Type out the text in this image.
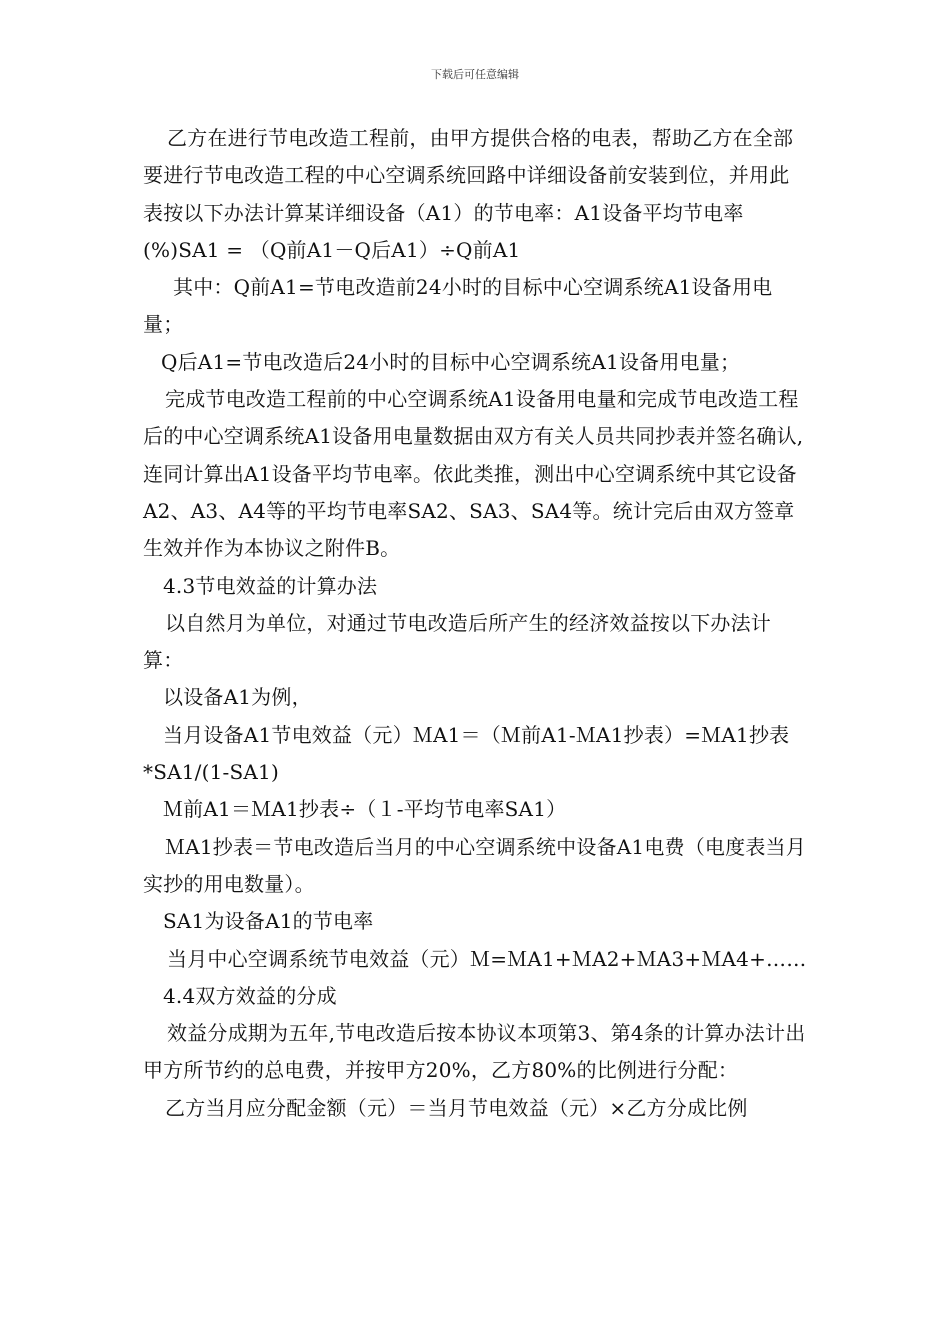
下载后可任意编辑

乙方在进行节电改造工程前，由甲方提供合格的电表，帮助乙方在全部要进行节电改造工程的中心空调系统回路中详细设备前安装到位，并用此表按以下办法计算某详细设备（A1）的节电率：A1设备平均节电率(%)SA1 = （Q前A1－Q后A1）÷Q前A1

其中：Q前A1=节电改造前24小时的目标中心空调系统A1设备用电量；

Q后A1=节电改造后24小时的目标中心空调系统A1设备用电量；

完成节电改造工程前的中心空调系统A1设备用电量和完成节电改造工程后的中心空调系统A1设备用电量数据由双方有关人员共同抄表并签名确认,连同计算出A1设备平均节电率。依此类推，测出中心空调系统中其它设备A2、A3、A4等的平均节电率SA2、SA3、SA4等。统计完后由双方签章生效并作为本协议之附件B。

4.3节电效益的计算办法

以自然月为单位，对通过节电改造后所产生的经济效益按以下办法计算：

以设备A1为例，

当月设备A1节电效益（元）ＭA1＝（Ｍ前A1-ＭA1抄表）=ＭA1抄表*SA1/(1-SA1)

Ｍ前A1＝ＭA1抄表÷（１-平均节电率SA1）

ＭA1抄表＝节电改造后当月的中心空调系统中设备A1电费（电度表当月实抄的用电数量）。

SA1为设备A1的节电率

当月中心空调系统节电效益（元）Ｍ=ＭA1+ＭA2+ＭA3+ＭA4+……

4.4双方效益的分成

效益分成期为五年,节电改造后按本协议本项第3、第4条的计算办法计出甲方所节约的总电费，并按甲方20%，乙方80%的比例进行分配：

乙方当月应分配金额（元）＝当月节电效益（元）×乙方分成比例
